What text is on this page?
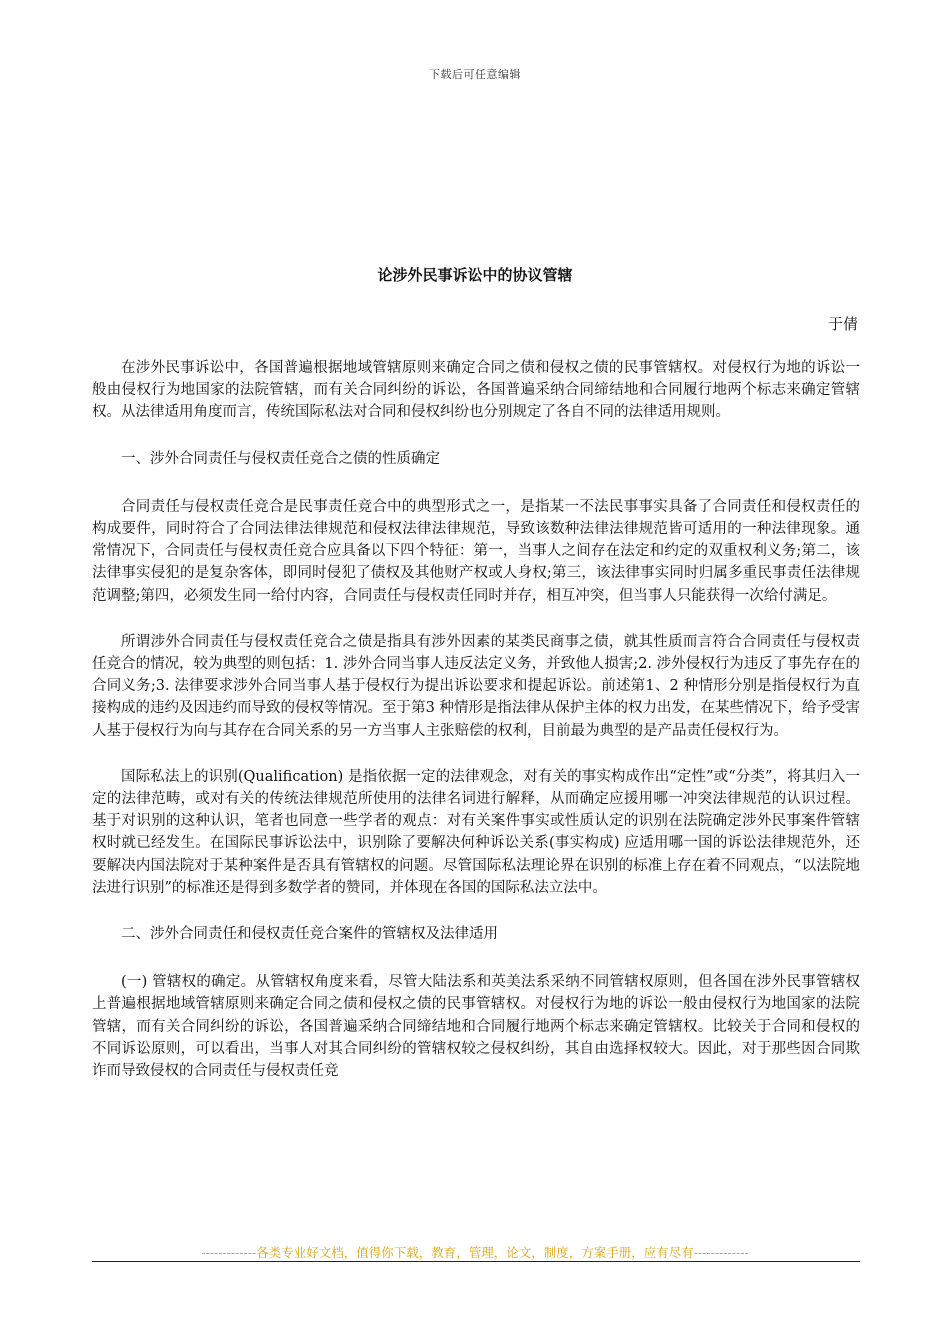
下载后可任意编辑
论涉外民事诉讼中的协议管辖
于倩

在涉外民事诉讼中，各国普遍根据地域管辖原则来确定合同之债和侵权之债的民事管辖权。对侵权行为地的诉讼一般由侵权行为地国家的法院管辖，而有关合同纠纷的诉讼，各国普遍采纳合同缔结地和合同履行地两个标志来确定管辖权。从法律适用角度而言，传统国际私法对合同和侵权纠纷也分别规定了各自不同的法律适用规则。

一、涉外合同责任与侵权责任竞合之债的性质确定

合同责任与侵权责任竞合是民事责任竞合中的典型形式之一，是指某一不法民事事实具备了合同责任和侵权责任的构成要件，同时符合了合同法律法律规范和侵权法律法律规范，导致该数种法律法律规范皆可适用的一种法律现象。通常情况下，合同责任与侵权责任竞合应具备以下四个特征：第一，当事人之间存在法定和约定的双重权利义务;第二，该法律事实侵犯的是复杂客体，即同时侵犯了债权及其他财产权或人身权;第三，该法律事实同时归属多重民事责任法律规范调整;第四，必须发生同一给付内容，合同责任与侵权责任同时并存，相互冲突，但当事人只能获得一次给付满足。

所谓涉外合同责任与侵权责任竞合之债是指具有涉外因素的某类民商事之债，就其性质而言符合合同责任与侵权责任竞合的情况，较为典型的则包括：1. 涉外合同当事人违反法定义务，并致他人损害;2. 涉外侵权行为违反了事先存在的合同义务;3. 法律要求涉外合同当事人基于侵权行为提出诉讼要求和提起诉讼。前述第1、2 种情形分别是指侵权行为直接构成的违约及因违约而导致的侵权等情况。至于第3 种情形是指法律从保护主体的权力出发，在某些情况下，给予受害人基于侵权行为向与其存在合同关系的另一方当事人主张赔偿的权利，目前最为典型的是产品责任侵权行为。

国际私法上的识别(Qualification) 是指依据一定的法律观念，对有关的事实构成作出“定性”或“分类”，将其归入一定的法律范畴，或对有关的传统法律规范所使用的法律名词进行解释，从而确定应援用哪一冲突法律规范的认识过程。基于对识别的这种认识，笔者也同意一些学者的观点：对有关案件事实或性质认定的识别在法院确定涉外民事案件管辖权时就已经发生。在国际民事诉讼法中，识别除了要解决何种诉讼关系(事实构成) 应适用哪一国的诉讼法律规范外，还要解决内国法院对于某种案件是否具有管辖权的问题。尽管国际私法理论界在识别的标准上存在着不同观点，“以法院地法进行识别”的标准还是得到多数学者的赞同，并体现在各国的国际私法立法中。

二、涉外合同责任和侵权责任竞合案件的管辖权及法律适用

(一) 管辖权的确定。从管辖权角度来看，尽管大陆法系和英美法系采纳不同管辖权原则，但各国在涉外民事管辖权上普遍根据地域管辖原则来确定合同之债和侵权之债的民事管辖权。对侵权行为地的诉讼一般由侵权行为地国家的法院管辖，而有关合同纠纷的诉讼，各国普遍采纳合同缔结地和合同履行地两个标志来确定管辖权。比较关于合同和侵权的不同诉讼原则，可以看出，当事人对其合同纠纷的管辖权较之侵权纠纷，其自由选择权较大。因此，对于那些因合同欺诈而导致侵权的合同责任与侵权责任竞

-------------各类专业好文档，值得你下载，教育，管理，论文，制度，方案手册，应有尽有-------------
